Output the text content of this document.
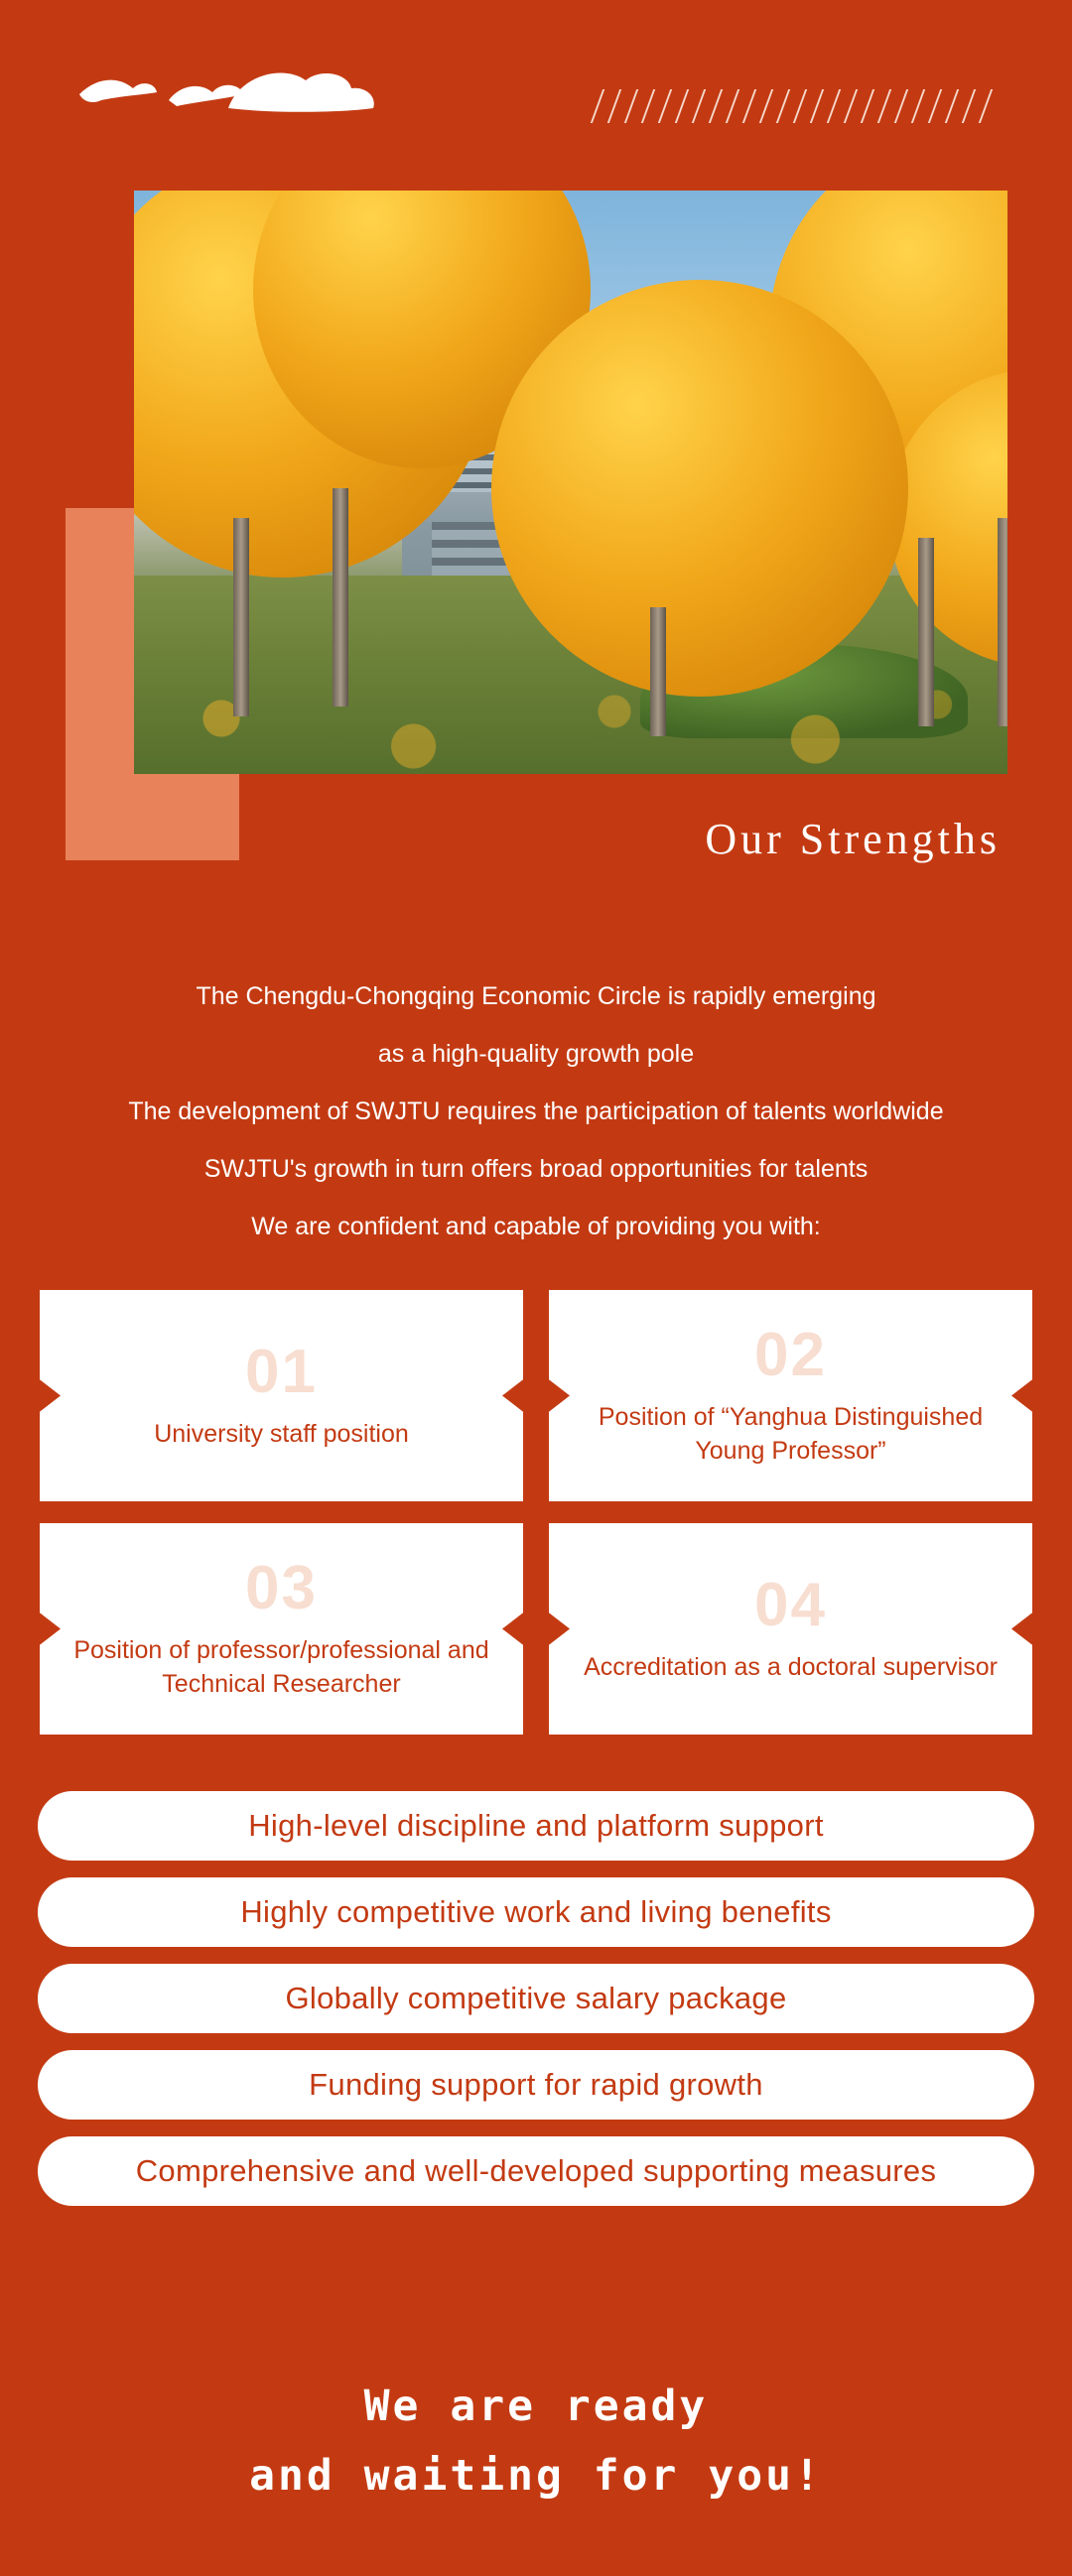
Our Strengths

The Chengdu-Chongqing Economic Circle is rapidly emerging

as a high-quality growth pole

The development of SWJTU requires the participation of talents worldwide

SWJTU's growth in turn offers broad opportunities for talents

We are confident and capable of providing you with:

01
University staff position
02
Position of “Yanghua Distinguished Young Professor”
03
Position of professor/professional and Technical Researcher
04
Accreditation as a doctoral supervisor
High-level discipline and platform support
Highly competitive work and living benefits
Globally competitive salary package
Funding support for rapid growth
Comprehensive and well-developed supporting measures
We are ready
and waiting for you!
